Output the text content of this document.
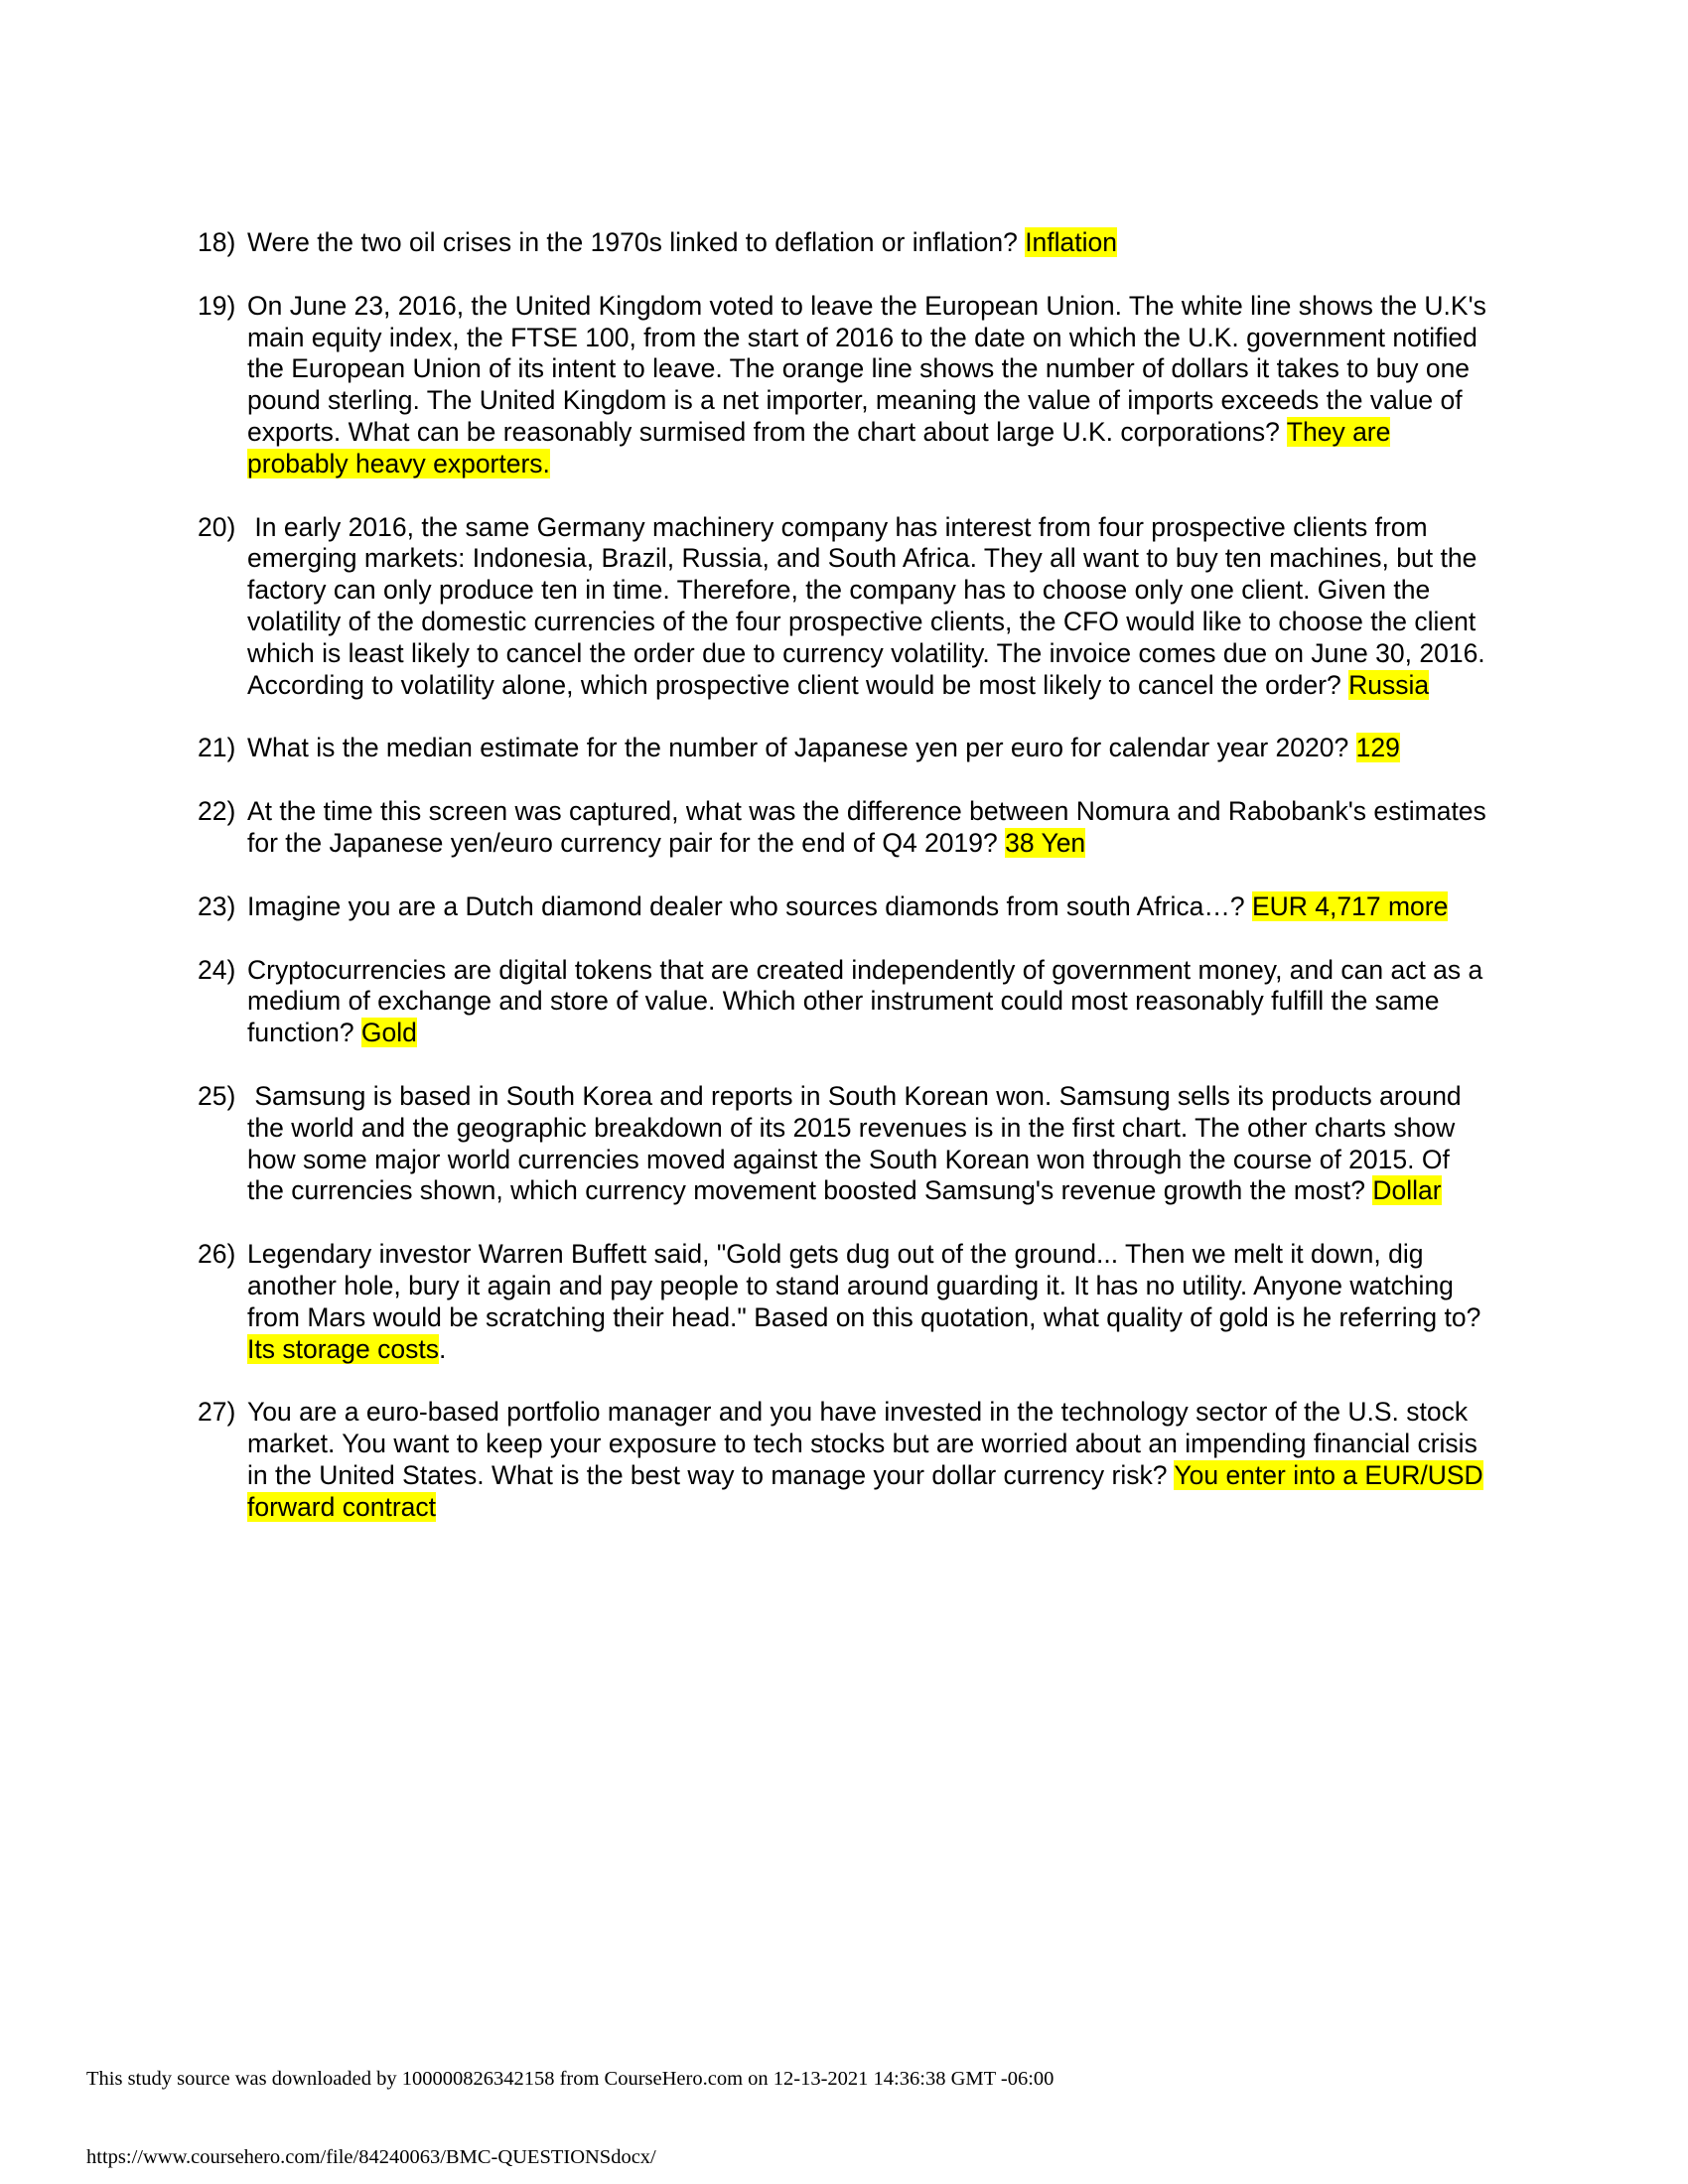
18) Were the two oil crises in the 1970s linked to deflation or inflation? Inflation
19) On June 23, 2016, the United Kingdom voted to leave the European Union. The white line shows the U.K's main equity index, the FTSE 100, from the start of 2016 to the date on which the U.K. government notified the European Union of its intent to leave. The orange line shows the number of dollars it takes to buy one pound sterling. The United Kingdom is a net importer, meaning the value of imports exceeds the value of exports. What can be reasonably surmised from the chart about large U.K. corporations? They are probably heavy exporters.
20) In early 2016, the same Germany machinery company has interest from four prospective clients from emerging markets: Indonesia, Brazil, Russia, and South Africa. They all want to buy ten machines, but the factory can only produce ten in time. Therefore, the company has to choose only one client. Given the volatility of the domestic currencies of the four prospective clients, the CFO would like to choose the client which is least likely to cancel the order due to currency volatility. The invoice comes due on June 30, 2016. According to volatility alone, which prospective client would be most likely to cancel the order? Russia
21) What is the median estimate for the number of Japanese yen per euro for calendar year 2020? 129
22) At the time this screen was captured, what was the difference between Nomura and Rabobank's estimates for the Japanese yen/euro currency pair for the end of Q4 2019? 38 Yen
23) Imagine you are a Dutch diamond dealer who sources diamonds from south Africa…? EUR 4,717 more
24) Cryptocurrencies are digital tokens that are created independently of government money, and can act as a medium of exchange and store of value. Which other instrument could most reasonably fulfill the same function? Gold
25) Samsung is based in South Korea and reports in South Korean won. Samsung sells its products around the world and the geographic breakdown of its 2015 revenues is in the first chart. The other charts show how some major world currencies moved against the South Korean won through the course of 2015. Of the currencies shown, which currency movement boosted Samsung's revenue growth the most? Dollar
26) Legendary investor Warren Buffett said, "Gold gets dug out of the ground... Then we melt it down, dig another hole, bury it again and pay people to stand around guarding it. It has no utility. Anyone watching from Mars would be scratching their head." Based on this quotation, what quality of gold is he referring to?  Its storage costs.
27) You are a euro-based portfolio manager and you have invested in the technology sector of the U.S. stock market. You want to keep your exposure to tech stocks but are worried about an impending financial crisis in the United States. What is the best way to manage your dollar currency risk? You enter into a EUR/USD forward contract
This study source was downloaded by 100000826342158 from CourseHero.com on 12-13-2021 14:36:38 GMT -06:00
https://www.coursehero.com/file/84240063/BMC-QUESTIONSdocx/
